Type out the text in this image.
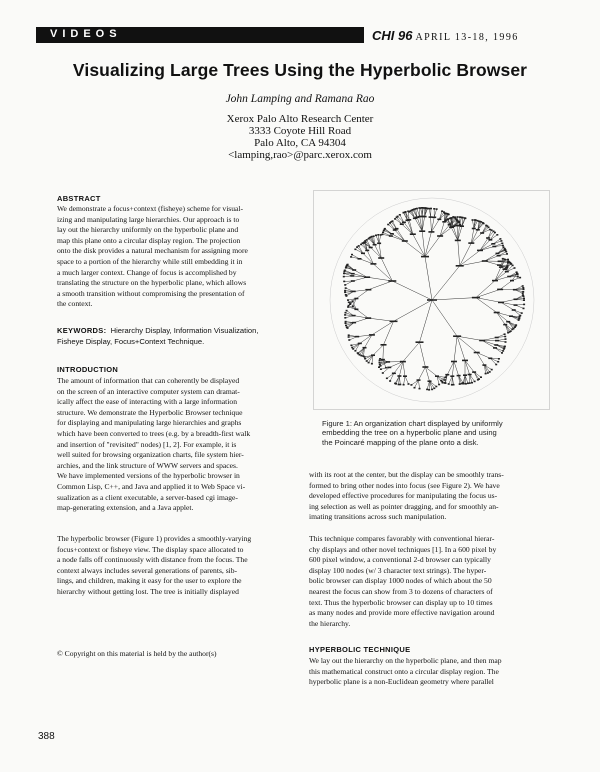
VIDEOS	CHI 96 APRIL 13-18, 1996
Visualizing Large Trees Using the Hyperbolic Browser
John Lamping and Ramana Rao
Xerox Palo Alto Research Center
3333 Coyote Hill Road
Palo Alto, CA 94304
<lamping,rao>@parc.xerox.com
ABSTRACT
We demonstrate a focus+context (fisheye) scheme for visual-
izing and manipulating large hierarchies. Our approach is to
lay out the hierarchy uniformly on the hyperbolic plane and
map this plane onto a circular display region. The projection
onto the disk provides a natural mechanism for assigning more
space to a portion of the hierarchy while still embedding it in
a much larger context. Change of focus is accomplished by
translating the structure on the hyperbolic plane, which allows
a smooth transition without compromising the presentation of
the context.
KEYWORDS: Hierarchy Display, Information Visualization,
Fisheye Display, Focus+Context Technique.
INTRODUCTION
The amount of information that can coherently be displayed
on the screen of an interactive computer system can dramat-
ically affect the ease of interacting with a large information
structure. We demonstrate the Hyperbolic Browser technique
for displaying and manipulating large hierarchies and graphs
which have been converted to trees (e.g. by a breadth-first walk
and insertion of "revisited" nodes) [1, 2]. For example, it is
well suited for browsing organization charts, file system hier-
archies, and the link structure of WWW servers and spaces.
We have implemented versions of the hyperbolic browser in
Common Lisp, C++, and Java and applied it to Web Space vi-
sualization as a client executable, a server-based cgi image-
map-generating extension, and a Java applet.
The hyperbolic browser (Figure 1) provides a smoothly-varying
focus+context or fisheye view. The display space allocated to
a node falls off continuously with distance from the focus. The
context always includes several generations of parents, sib-
lings, and children, making it easy for the user to explore the
hierarchy without getting lost. The tree is initially displayed
© Copyright on this material is held by the author(s)
Figure 1: An organization chart displayed by uniformly
embedding the tree on a hyperbolic plane and using
the Poincaré mapping of the plane onto a disk.
with its root at the center, but the display can be smoothly trans-
formed to bring other nodes into focus (see Figure 2). We have
developed effective procedures for manipulating the focus us-
ing selection as well as pointer dragging, and for smoothly an-
imating transitions across such manipulation.
This technique compares favorably with conventional hierar-
chy displays and other novel techniques [1]. In a 600 pixel by
600 pixel window, a conventional 2-d browser can typically
display 100 nodes (w/ 3 character text strings). The hyper-
bolic browser can display 1000 nodes of which about the 50
nearest the focus can show from 3 to dozens of characters of
text. Thus the hyperbolic browser can display up to 10 times
as many nodes and provide more effective navigation around
the hierarchy.
HYPERBOLIC TECHNIQUE
We lay out the hierarchy on the hyperbolic plane, and then map
this mathematical construct onto a circular display region. The
hyperbolic plane is a non-Euclidean geometry where parallel
388
